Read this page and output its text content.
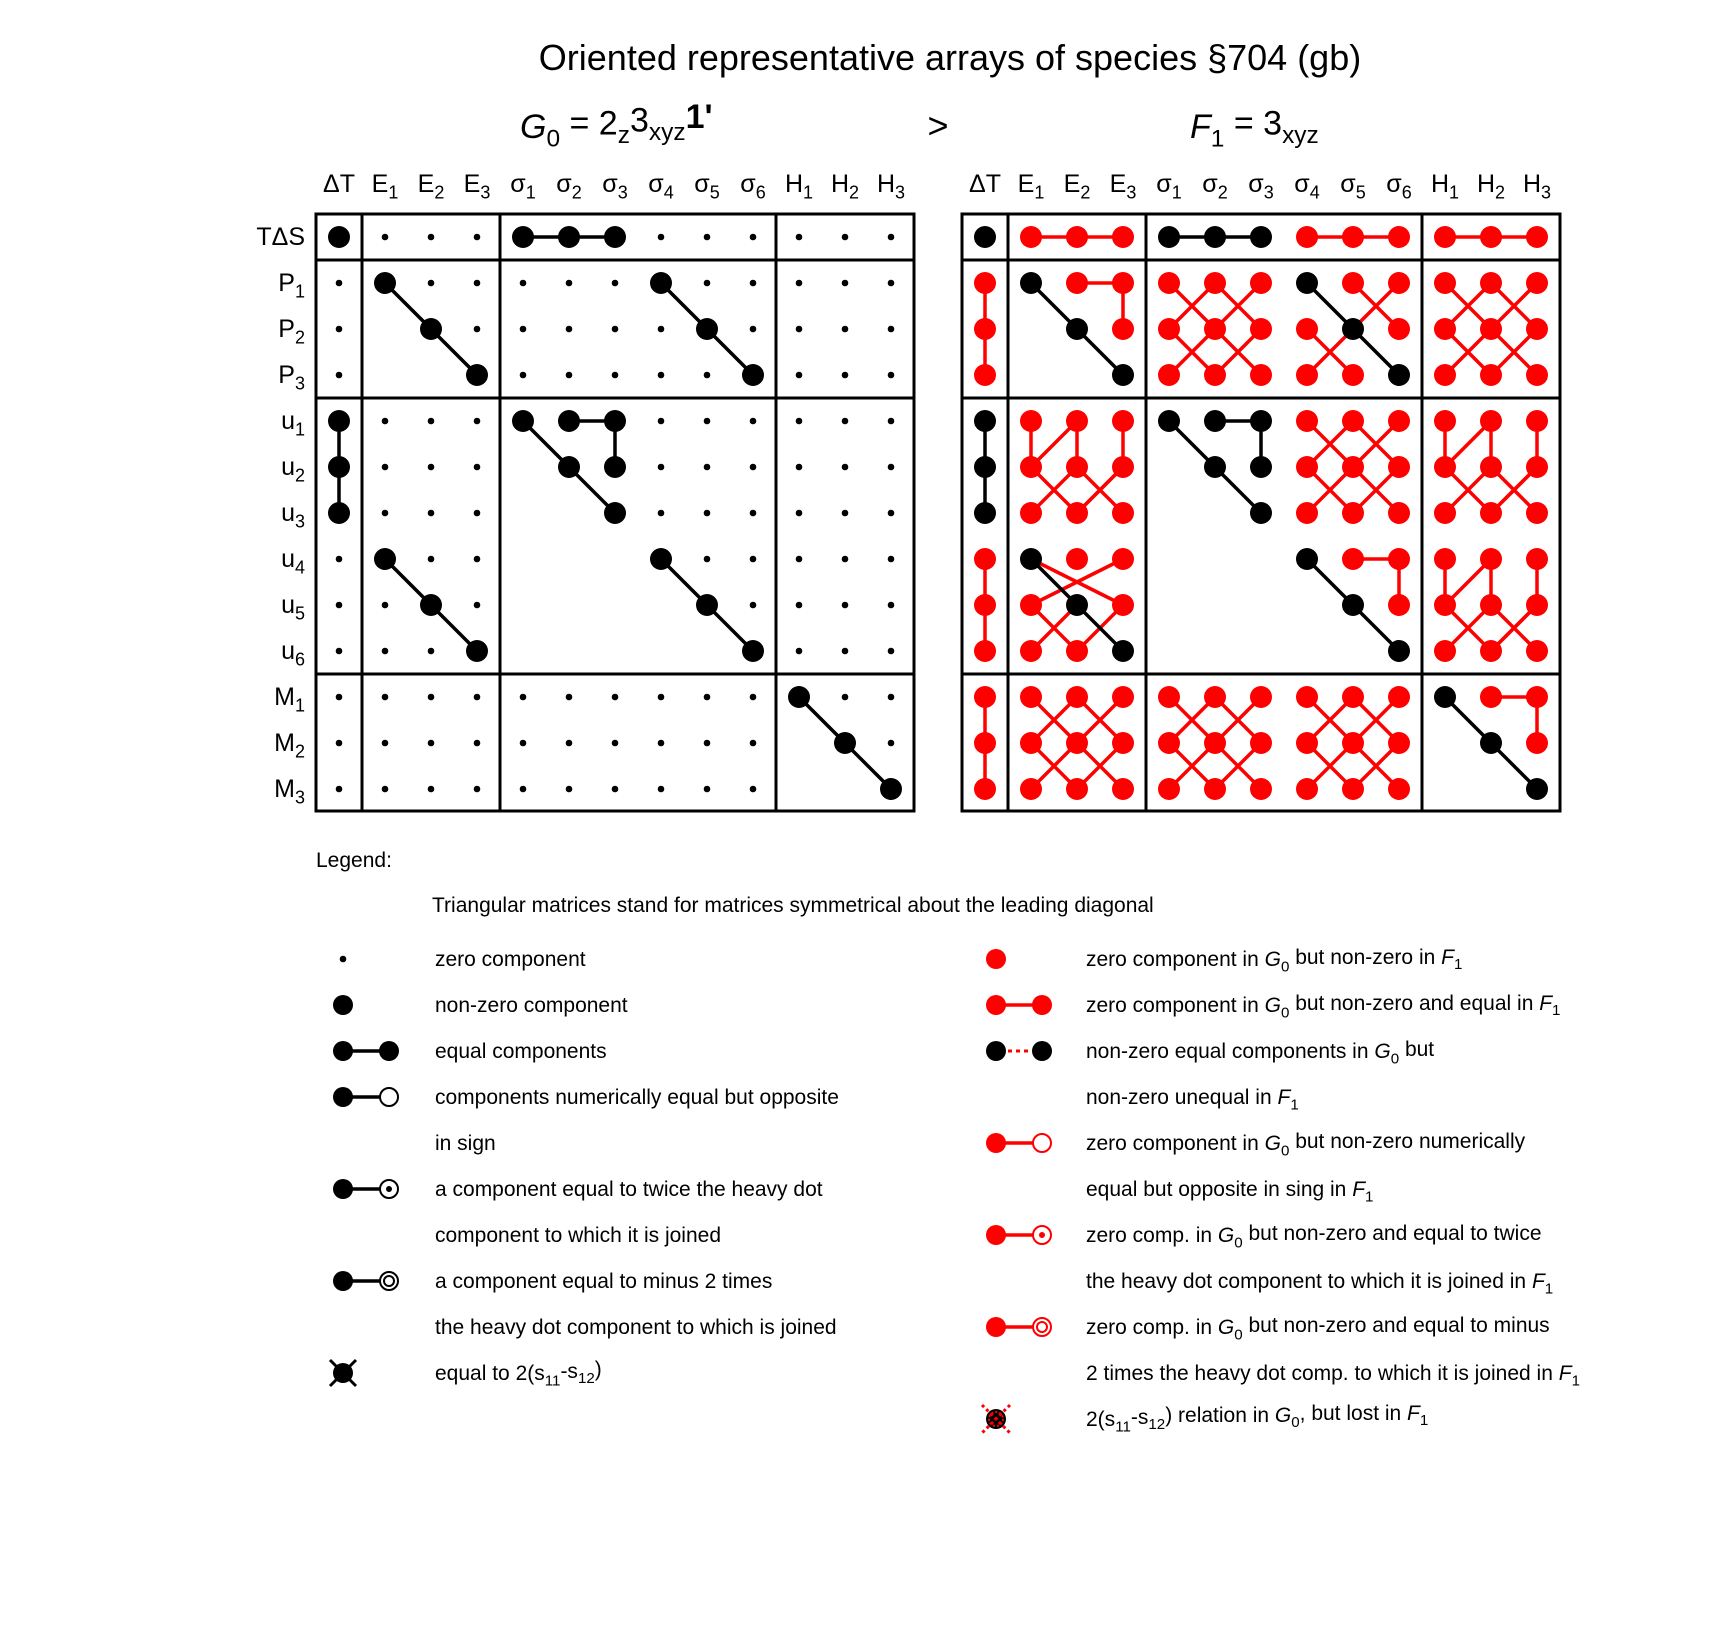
Oriented representative arrays of species §704 (gb)
>
ΔT $E_1$ $E_2$ $E_3$ $\sigma_1$ $\sigma_2$ $\sigma_3$ $\sigma_4$ $\sigma_5$ $\sigma_6$ $H_1$ $H_2$ $H_3$
TΔS
$P_1$
$P_2$
$P_3$
$u_1$
$u_2$
$u_3$
$u_4$
$u_5$
$u_6$
$M_1$
$M_2$
$M_3$
ΔT $E_1$ $E_2$ $E_3$ $\sigma_1$ $\sigma_2$ $\sigma_3$ $\sigma_4$ $\sigma_5$ $\sigma_6$ $H_1$ $H_2$ $H_3$
Legend:
Triangular matrices stand for matrices symmetrical about the leading diagonal
zero component
non-zero component
equal components
components numerically equal but opposite
in sign
a component equal to twice the heavy dot
component to which it is joined
a component equal to minus 2 times
the heavy dot component to which is joined
equal to $2(s_{11}-s_{12})$
zero component in $G_0$ but non-zero in $F_1$
zero component in $G_0$ but non-zero and equal in $F_1$
non-zero equal components in $G_0$ but
non-zero unequal in $F_1$
zero component in $G_0$ but non-zero numerically
equal but opposite in sing in $F_1$
zero comp. in $G_0$ but non-zero and equal to twice
the heavy dot component to which it is joined in $F_1$
zero comp. in $G_0$ but non-zero and equal to minus
2 times the heavy dot comp. to which it is joined in $F_1$
$2(s_{11}-s_{12})$ relation in $G_0$, but lost in $F_1$
$G_0 = 2_z3_{xyz}1'$	$F_1 = 3_{xyz}$
